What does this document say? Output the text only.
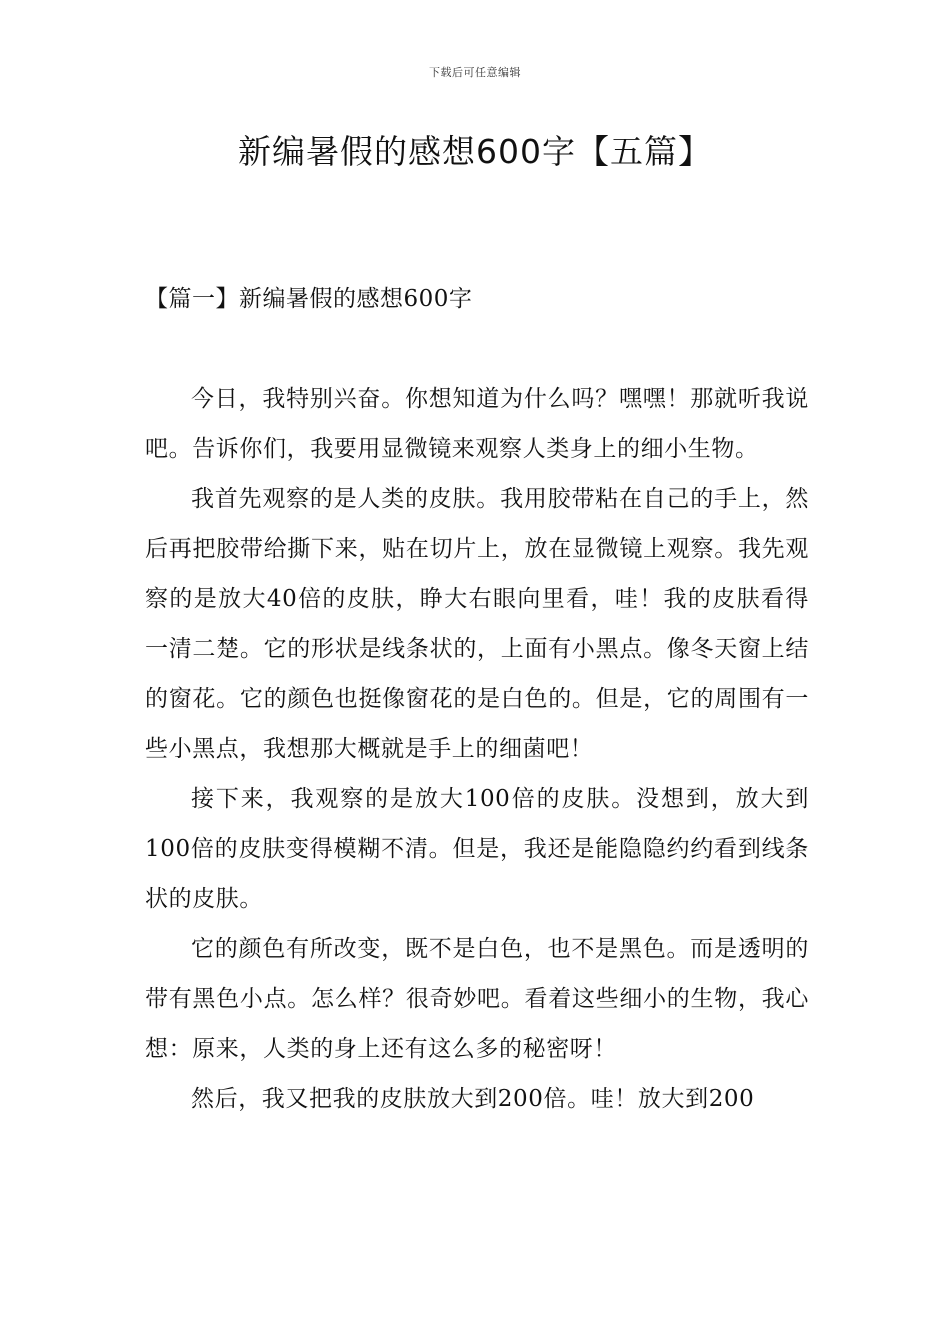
下载后可任意编辑
新编暑假的感想600字【五篇】
【篇一】新编暑假的感想600字

今日，我特别兴奋。你想知道为什么吗？嘿嘿！那就听我说吧。告诉你们，我要用显微镜来观察人类身上的细小生物。

我首先观察的是人类的皮肤。我用胶带粘在自己的手上，然后再把胶带给撕下来，贴在切片上，放在显微镜上观察。我先观察的是放大40倍的皮肤，睁大右眼向里看，哇！我的皮肤看得一清二楚。它的形状是线条状的，上面有小黑点。像冬天窗上结的窗花。它的颜色也挺像窗花的是白色的。但是，它的周围有一些小黑点，我想那大概就是手上的细菌吧！

接下来，我观察的是放大100倍的皮肤。没想到，放大到100倍的皮肤变得模糊不清。但是，我还是能隐隐约约看到线条状的皮肤。

它的颜色有所改变，既不是白色，也不是黑色。而是透明的带有黑色小点。怎么样？很奇妙吧。看着这些细小的生物，我心想：原来，人类的身上还有这么多的秘密呀！

然后，我又把我的皮肤放大到200倍。哇！放大到200
